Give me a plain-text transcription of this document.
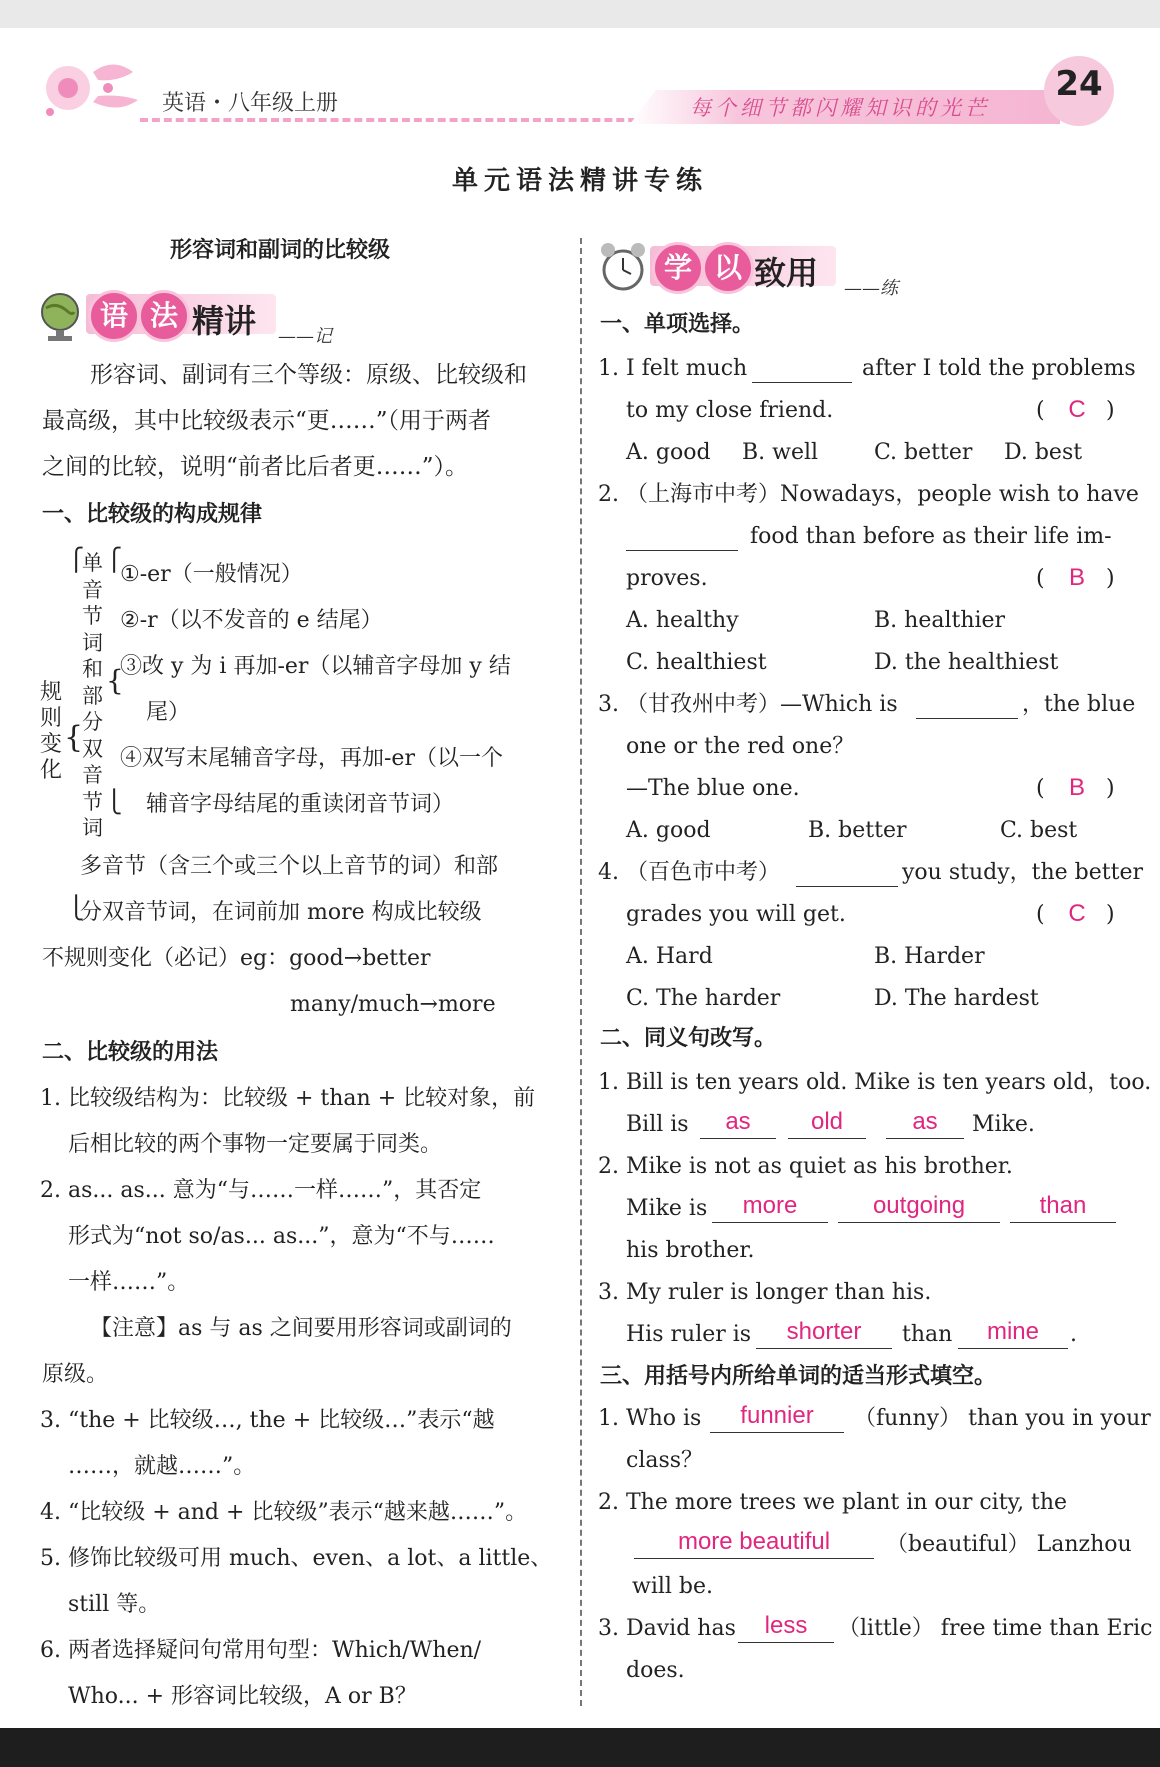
英语・八年级上册	每个细节都闪耀知识的光芒
24
单元语法精讲专练
形容词和副词的比较级
语 法 精讲 ——记
形容词、副词有三个等级：原级、比较级和
最高级，其中比较级表示“更……”（用于两者
之间的比较，说明“前者比后者更……”）。
一、比较级的构成规律
规则变化
{
单音节词和部分双音节词
⎧
{
⎧
⎩
⎩
①-er（一般情况）
②-r（以不发音的 e 结尾）
③改 y 为 i 再加-er（以辅音字母加 y 结
尾）
④双写末尾辅音字母，再加-er（以一个
辅音字母结尾的重读闭音节词）
多音节（含三个或三个以上音节的词）和部
分双音节词，在词前加 more 构成比较级
不规则变化（必记）eg：good→better
many/much→more
二、比较级的用法
1. 比较级结构为：比较级 + than + 比较对象，前
后相比较的两个事物一定要属于同类。
2. as... as... 意为“与……一样……”，其否定
形式为“not so/as... as...”，意为“不与……
一样……”。
【注意】as 与 as 之间要用形容词或副词的
原级。
3. “the + 比较级…, the + 比较级…”表示“越
……，就越……”。
4. “比较级 + and + 比较级”表示“越来越……”。
5. 修饰比较级可用 much、even、a lot、a little、
still 等。
6. 两者选择疑问句常用句型：Which/When/
Who... + 形容词比较级，A or B？
学 以 致用 ——练
一、单项选择。
1. I felt much	after I told the problems
to my close friend.	( C )
A. good B. well	C. better D. best
2. （上海市中考）Nowadays，people wish to have
food than before as their life im-
proves.	(	B )
A. healthy	B. healthier
C. healthiest	D. the healthiest
3. （甘孜州中考）—Which is	，the blue
one or the red one？
—The blue one.	(	B )
A. good	B. better	C. best
4. （百色市中考）	you study，the better
grades you will get.	( C )
A. Hard	B. Harder
C. The harder	D. The hardest
二、同义句改写。
1. Bill is ten years old. Mike is ten years old，too.
Bill is	as	old	as	Mike.
2. Mike is not as quiet as his brother.
Mike is	more	outgoing	than
his brother.
3. My ruler is longer than his.
His ruler is	shorter	than	mine	.
三、用括号内所给单词的适当形式填空。
1. Who is	funnier	（funny） than you in your
class？
2. The more trees we plant in our city, the
more beautiful	（beautiful） Lanzhou
will be.
3. David has	less	（little） free time than Eric
does.
